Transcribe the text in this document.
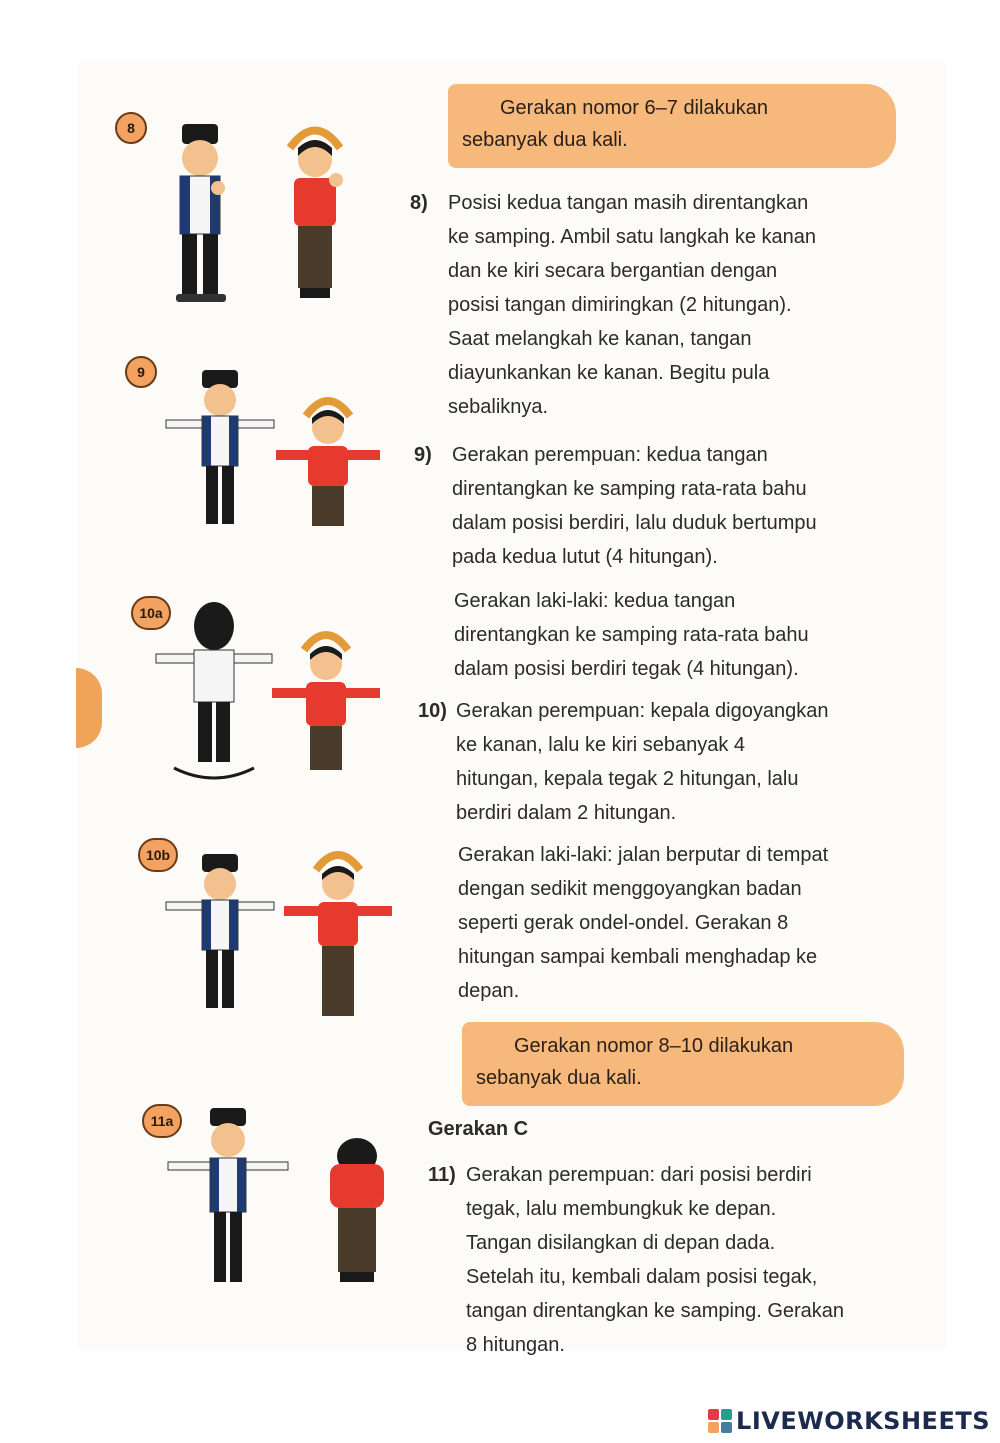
Gerakan nomor 6–7 dilakukan
sebanyak dua kali.
Gerakan nomor 8–10 dilakukan
sebanyak dua kali.
8
9
10a
10b
11a
8) Posisi kedua tangan masih direntangkan
ke samping. Ambil satu langkah ke kanan
dan ke kiri secara bergantian dengan
posisi tangan dimiringkan (2 hitungan).
Saat melangkah ke kanan, tangan
diayunkankan ke kanan. Begitu pula
sebaliknya.
9) Gerakan perempuan: kedua tangan
direntangkan ke samping rata-rata bahu
dalam posisi berdiri, lalu duduk bertumpu
pada kedua lutut (4 hitungan).
Gerakan laki-laki: kedua tangan
direntangkan ke samping rata-rata bahu
dalam posisi berdiri tegak (4 hitungan).
10) Gerakan perempuan: kepala digoyangkan
ke kanan, lalu ke kiri sebanyak 4
hitungan, kepala tegak 2 hitungan, lalu
berdiri dalam 2 hitungan.
Gerakan laki-laki: jalan berputar di tempat
dengan sedikit menggoyangkan badan
seperti gerak ondel-ondel. Gerakan 8
hitungan sampai kembali menghadap ke
depan.
Gerakan C
11) Gerakan perempuan: dari posisi berdiri
tegak, lalu membungkuk ke depan.
Tangan disilangkan di depan dada.
Setelah itu, kembali dalam posisi tegak,
tangan direntangkan ke samping. Gerakan
8 hitungan.
LIVEWORKSHEETS
